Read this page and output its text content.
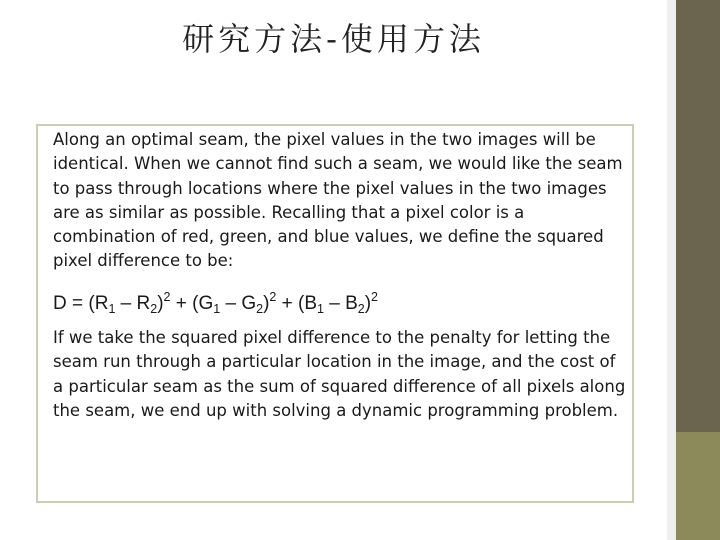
研究方法-使用方法

Along an optimal seam, the pixel values in the two images will be identical. When we cannot find such a seam, we would like the seam to pass through locations where the pixel values in the two images are as similar as possible. Recalling that a pixel color is a combination of red, green, and blue values, we define the squared pixel difference to be:

$D = (R_1 - R_2)^2 + (G_1 - G_2)^2 + (B_1 - B_2)^2$

If we take the squared pixel difference to the penalty for letting the seam run through a particular location in the image, and the cost of a particular seam as the sum of squared difference of all pixels along the seam, we end up with solving a dynamic programming problem.
